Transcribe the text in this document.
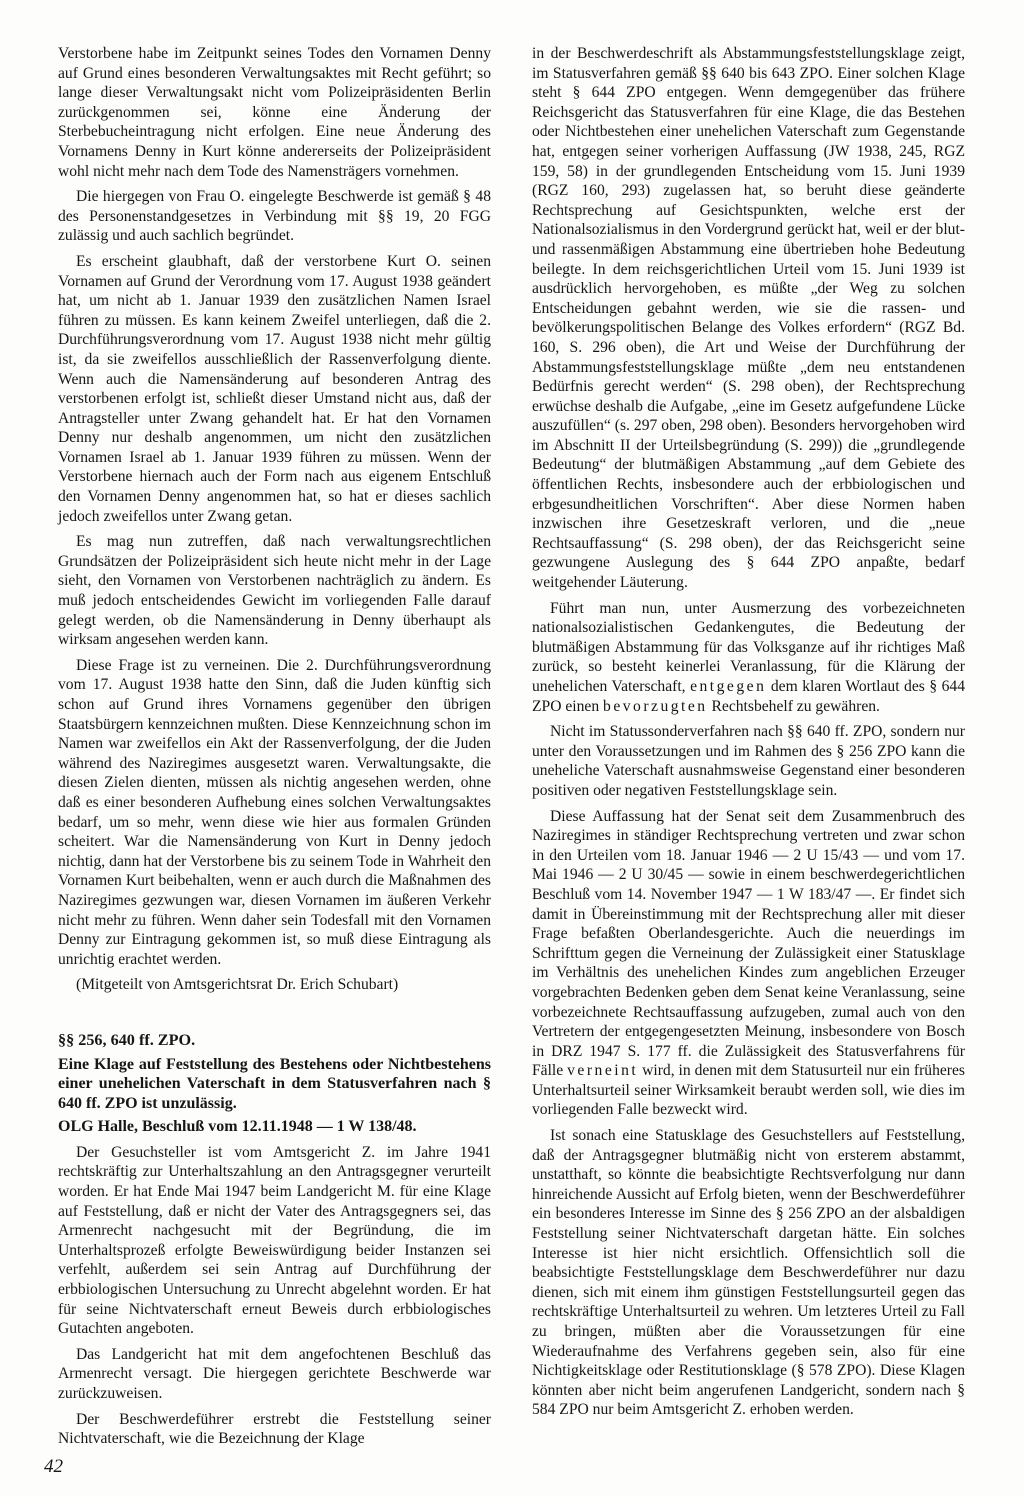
Verstorbene habe im Zeitpunkt seines Todes den Vornamen Denny auf Grund eines besonderen Verwaltungsaktes mit Recht geführt; so lange dieser Verwaltungsakt nicht vom Polizeipräsidenten Berlin zurückgenommen sei, könne eine Änderung der Sterbebucheintragung nicht erfolgen. Eine neue Änderung des Vornamens Denny in Kurt könne andererseits der Polizeipräsident wohl nicht mehr nach dem Tode des Namensträgers vornehmen.

Die hiergegen von Frau O. eingelegte Beschwerde ist gemäß § 48 des Personenstandgesetzes in Verbindung mit §§ 19, 20 FGG zulässig und auch sachlich begründet.

Es erscheint glaubhaft, daß der verstorbene Kurt O. seinen Vornamen auf Grund der Verordnung vom 17. August 1938 geändert hat, um nicht ab 1. Januar 1939 den zusätzlichen Namen Israel führen zu müssen. Es kann keinem Zweifel unterliegen, daß die 2. Durchführungsverordnung vom 17. August 1938 nicht mehr gültig ist, da sie zweifellos ausschließlich der Rassenverfolgung diente. Wenn auch die Namensänderung auf besonderen Antrag des verstorbenen erfolgt ist, schließt dieser Umstand nicht aus, daß der Antragsteller unter Zwang gehandelt hat. Er hat den Vornamen Denny nur deshalb angenommen, um nicht den zusätzlichen Vornamen Israel ab 1. Januar 1939 führen zu müssen. Wenn der Verstorbene hiernach auch der Form nach aus eigenem Entschluß den Vornamen Denny angenommen hat, so hat er dieses sachlich jedoch zweifellos unter Zwang getan.

Es mag nun zutreffen, daß nach verwaltungsrechtlichen Grundsätzen der Polizeipräsident sich heute nicht mehr in der Lage sieht, den Vornamen von Verstorbenen nachträglich zu ändern. Es muß jedoch entscheidendes Gewicht im vorliegenden Falle darauf gelegt werden, ob die Namensänderung in Denny überhaupt als wirksam angesehen werden kann.

Diese Frage ist zu verneinen. Die 2. Durchführungsverordnung vom 17. August 1938 hatte den Sinn, daß die Juden künftig sich schon auf Grund ihres Vornamens gegenüber den übrigen Staatsbürgern kennzeichnen mußten. Diese Kennzeichnung schon im Namen war zweifellos ein Akt der Rassenverfolgung, der die Juden während des Naziregimes ausgesetzt waren. Verwaltungsakte, die diesen Zielen dienten, müssen als nichtig angesehen werden, ohne daß es einer besonderen Aufhebung eines solchen Verwaltungsaktes bedarf, um so mehr, wenn diese wie hier aus formalen Gründen scheitert. War die Namensänderung von Kurt in Denny jedoch nichtig, dann hat der Verstorbene bis zu seinem Tode in Wahrheit den Vornamen Kurt beibehalten, wenn er auch durch die Maßnahmen des Naziregimes gezwungen war, diesen Vornamen im äußeren Verkehr nicht mehr zu führen. Wenn daher sein Todesfall mit den Vornamen Denny zur Eintragung gekommen ist, so muß diese Eintragung als unrichtig erachtet werden.

(Mitgeteilt von Amtsgerichtsrat Dr. Erich Schubart)

§§ 256, 640 ff. ZPO.
Eine Klage auf Feststellung des Bestehens oder Nichtbestehens einer unehelichen Vaterschaft in dem Statusverfahren nach § 640 ff. ZPO ist unzulässig.
OLG Halle, Beschluß vom 12.11.1948 — 1 W 138/48.

Der Gesuchsteller ist vom Amtsgericht Z. im Jahre 1941 rechtskräftig zur Unterhaltszahlung an den Antragsgegner verurteilt worden. Er hat Ende Mai 1947 beim Landgericht M. für eine Klage auf Feststellung, daß er nicht der Vater des Antragsgegners sei, das Armenrecht nachgesucht mit der Begründung, die im Unterhaltsprozeß erfolgte Beweiswürdigung beider Instanzen sei verfehlt, außerdem sei sein Antrag auf Durchführung der erbbiologischen Untersuchung zu Unrecht abgelehnt worden. Er hat für seine Nichtvaterschaft erneut Beweis durch erbbiologisches Gutachten angeboten.

Das Landgericht hat mit dem angefochtenen Beschluß das Armenrecht versagt. Die hiergegen gerichtete Beschwerde war zurückzuweisen.

Der Beschwerdeführer erstrebt die Feststellung seiner Nichtvaterschaft, wie die Bezeichnung der Klage

in der Beschwerdeschrift als Abstammungsfeststellungsklage zeigt, im Statusverfahren gemäß §§ 640 bis 643 ZPO. Einer solchen Klage steht § 644 ZPO entgegen. Wenn demgegenüber das frühere Reichsgericht das Statusverfahren für eine Klage, die das Bestehen oder Nichtbestehen einer unehelichen Vaterschaft zum Gegenstande hat, entgegen seiner vorherigen Auffassung (JW 1938, 245, RGZ 159, 58) in der grundlegenden Entscheidung vom 15. Juni 1939 (RGZ 160, 293) zugelassen hat, so beruht diese geänderte Rechtsprechung auf Gesichtspunkten, welche erst der Nationalsozialismus in den Vordergrund gerückt hat, weil er der blut- und rassenmäßigen Abstammung eine übertrieben hohe Bedeutung beilegte. In dem reichsgerichtlichen Urteil vom 15. Juni 1939 ist ausdrücklich hervorgehoben, es müßte „der Weg zu solchen Entscheidungen gebahnt werden, wie sie die rassen- und bevölkerungspolitischen Belange des Volkes erfordern“ (RGZ Bd. 160, S. 296 oben), die Art und Weise der Durchführung der Abstammungsfeststellungsklage müßte „dem neu entstandenen Bedürfnis gerecht werden“ (S. 298 oben), der Rechtsprechung erwüchse deshalb die Aufgabe, „eine im Gesetz aufgefundene Lücke auszufüllen“ (s. 297 oben, 298 oben). Besonders hervorgehoben wird im Abschnitt II der Urteilsbegründung (S. 299)) die „grundlegende Bedeutung“ der blutmäßigen Abstammung „auf dem Gebiete des öffentlichen Rechts, insbesondere auch der erbbiologischen und erbgesundheitlichen Vorschriften“. Aber diese Normen haben inzwischen ihre Gesetzeskraft verloren, und die „neue Rechtsauffassung“ (S. 298 oben), der das Reichsgericht seine gezwungene Auslegung des § 644 ZPO anpaßte, bedarf weitgehender Läuterung.

Führt man nun, unter Ausmerzung des vorbezeichneten nationalsozialistischen Gedankengutes, die Bedeutung der blutmäßigen Abstammung für das Volksganze auf ihr richtiges Maß zurück, so besteht keinerlei Veranlassung, für die Klärung der unehelichen Vaterschaft, entgegen dem klaren Wortlaut des § 644 ZPO einen bevorzugten Rechtsbehelf zu gewähren.

Nicht im Statussonderverfahren nach §§ 640 ff. ZPO, sondern nur unter den Voraussetzungen und im Rahmen des § 256 ZPO kann die uneheliche Vaterschaft ausnahmsweise Gegenstand einer besonderen positiven oder negativen Feststellungsklage sein.

Diese Auffassung hat der Senat seit dem Zusammenbruch des Naziregimes in ständiger Rechtsprechung vertreten und zwar schon in den Urteilen vom 18. Januar 1946 — 2 U 15/43 — und vom 17. Mai 1946 — 2 U 30/45 — sowie in einem beschwerdegerichtlichen Beschluß vom 14. November 1947 — 1 W 183/47 —. Er findet sich damit in Übereinstimmung mit der Rechtsprechung aller mit dieser Frage befaßten Oberlandesgerichte. Auch die neuerdings im Schrifttum gegen die Verneinung der Zulässigkeit einer Statusklage im Verhältnis des unehelichen Kindes zum angeblichen Erzeuger vorgebrachten Bedenken geben dem Senat keine Veranlassung, seine vorbezeichnete Rechtsauffassung aufzugeben, zumal auch von den Vertretern der entgegengesetzten Meinung, insbesondere von Bosch in DRZ 1947 S. 177 ff. die Zulässigkeit des Statusverfahrens für Fälle verneint wird, in denen mit dem Statusurteil nur ein früheres Unterhaltsurteil seiner Wirksamkeit beraubt werden soll, wie dies im vorliegenden Falle bezweckt wird.

Ist sonach eine Statusklage des Gesuchstellers auf Feststellung, daß der Antragsgegner blutmäßig nicht von ersterem abstammt, unstatthaft, so könnte die beabsichtigte Rechtsverfolgung nur dann hinreichende Aussicht auf Erfolg bieten, wenn der Beschwerdeführer ein besonderes Interesse im Sinne des § 256 ZPO an der alsbaldigen Feststellung seiner Nichtvaterschaft dargetan hätte. Ein solches Interesse ist hier nicht ersichtlich. Offensichtlich soll die beabsichtigte Feststellungsklage dem Beschwerdeführer nur dazu dienen, sich mit einem ihm günstigen Feststellungsurteil gegen das rechtskräftige Unterhaltsurteil zu wehren. Um letzteres Urteil zu Fall zu bringen, müßten aber die Voraussetzungen für eine Wiederaufnahme des Verfahrens gegeben sein, also für eine Nichtigkeitsklage oder Restitutionsklage (§ 578 ZPO). Diese Klagen könnten aber nicht beim angerufenen Landgericht, sondern nach § 584 ZPO nur beim Amtsgericht Z. erhoben werden.

42
